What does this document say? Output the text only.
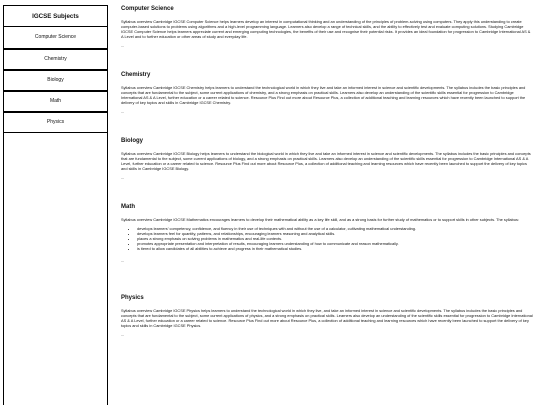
IGCSE Subjects
Computer Science
Chemistry
Biology
Math
Physics
Computer Science

Syllabus overview Cambridge IGCSE Computer Science helps learners develop an interest in computational thinking and an understanding of the principles of problem-solving using computers. They apply this understanding to create computer-based solutions to problems using algorithms and a high-level programming language. Learners also develop a range of technical skills, and the ability to effectively test and evaluate computing solutions. Studying Cambridge IGCSE Computer Science helps learners appreciate current and emerging computing technologies, the benefits of their use and recognise their potential risks. It provides an ideal foundation for progression to Cambridge International AS & A Level and to further education or other areas of study and everyday life.

...
Chemistry

Syllabus overview Cambridge IGCSE Chemistry helps learners to understand the technological world in which they live and take an informed interest in science and scientific developments. The syllabus includes the basic principles and concepts that are fundamental to the subject, some current applications of chemistry, and a strong emphasis on practical skills. Learners also develop an understanding of the scientific skills essential for progression to Cambridge International AS & A Level, further education or a career related to science. Resource Plus Find out more about Resource Plus, a collection of additional teaching and learning resources which have recently been launched to support the delivery of key topics and skills in Cambridge IGCSE Chemistry.

...
Biology

Syllabus overview Cambridge IGCSE Biology helps learners to understand the biological world in which they live and take an informed interest in science and scientific developments. The syllabus includes the basic principles and concepts that are fundamental to the subject, some current applications of biology, and a strong emphasis on practical skills. Learners also develop an understanding of the scientific skills essential for progression to Cambridge International AS & A Level, further education or a career related to science. Resource Plus Find out more about Resource Plus, a collection of additional teaching and learning resources which have recently been launched to support the delivery of key topics and skills in Cambridge IGCSE Biology.

...
Math

Syllabus overview Cambridge IGCSE Mathematics encourages learners to develop their mathematical ability as a key life skill, and as a strong basis for further study of mathematics or to support skills in other subjects. The syllabus:

• develops learners' competency, confidence, and fluency in their use of techniques with and without the use of a calculator, cultivating mathematical understanding.
• develops learners feel for quantity, patterns, and relationships, encouraging learners reasoning and analytical skills.
• places a strong emphasis on solving problems in mathematics and real-life contexts.
• promotes appropriate presentation and interpretation of results, encouraging learners understanding of how to communicate and reason mathematically.
• is tiered to allow candidates of all abilities to achieve and progress in their mathematical studies.
...
Physics

Syllabus overview Cambridge IGCSE Physics helps learners to understand the technological world in which they live, and take an informed interest in science and scientific developments. The syllabus includes the basic principles and concepts that are fundamental to the subject, some current applications of physics, and a strong emphasis on practical skills. Learners also develop an understanding of the scientific skills essential for progression to Cambridge International AS & A Level, further education or a career related to science. Resource Plus Find out more about Resource Plus, a collection of additional teaching and learning resources which have recently been launched to support the delivery of key topics and skills in Cambridge IGCSE Physics.

...
